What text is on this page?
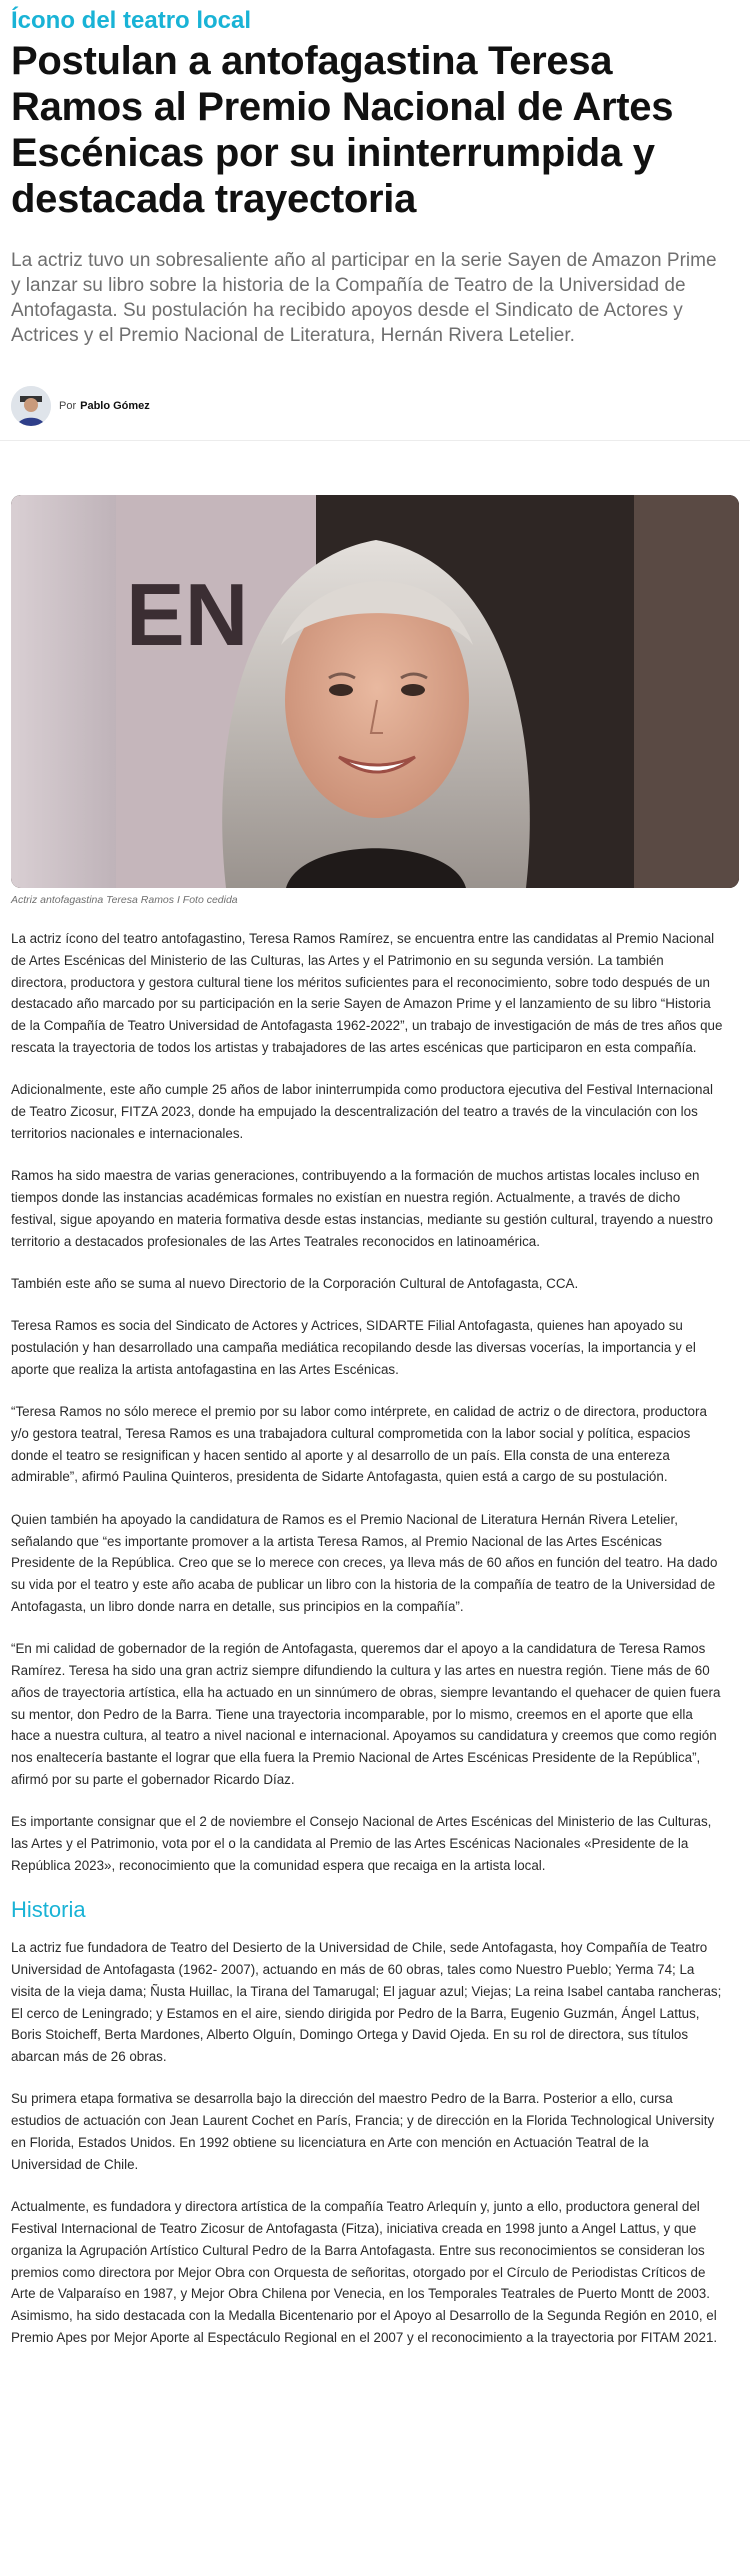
Ícono del teatro local
Postulan a antofagastina Teresa Ramos al Premio Nacional de Artes Escénicas por su ininterrumpida y destacada trayectoria

La actriz tuvo un sobresaliente año al participar en la serie Sayen de Amazon Prime y lanzar su libro sobre la historia de la Compañía de Teatro de la Universidad de Antofagasta. Su postulación ha recibido apoyos desde el Sindicato de Actores y Actrices y el Premio Nacional de Literatura, Hernán Rivera Letelier.

Por Pablo Gómez
EN
Actriz antofagastina Teresa Ramos I Foto cedida

La actriz ícono del teatro antofagastino, Teresa Ramos Ramírez, se encuentra entre las candidatas al Premio Nacional de Artes Escénicas del Ministerio de las Culturas, las Artes y el Patrimonio en su segunda versión. La también directora, productora y gestora cultural tiene los méritos suficientes para el reconocimiento, sobre todo después de un destacado año marcado por su participación en la serie Sayen de Amazon Prime y el lanzamiento de su libro “Historia de la Compañía de Teatro Universidad de Antofagasta 1962-2022”, un trabajo de investigación de más de tres años que rescata la trayectoria de todos los artistas y trabajadores de las artes escénicas que participaron en esta compañía.

Adicionalmente, este año cumple 25 años de labor ininterrumpida como productora ejecutiva del Festival Internacional de Teatro Zicosur, FITZA 2023, donde ha empujado la descentralización del teatro a través de la vinculación con los territorios nacionales e internacionales.

Ramos ha sido maestra de varias generaciones, contribuyendo a la formación de muchos artistas locales incluso en tiempos donde las instancias académicas formales no existían en nuestra región. Actualmente, a través de dicho festival, sigue apoyando en materia formativa desde estas instancias, mediante su gestión cultural, trayendo a nuestro territorio a destacados profesionales de las Artes Teatrales reconocidos en latinoamérica.

También este año se suma al nuevo Directorio de la Corporación Cultural de Antofagasta, CCA.

Teresa Ramos es socia del Sindicato de Actores y Actrices, SIDARTE Filial Antofagasta, quienes han apoyado su postulación y han desarrollado una campaña mediática recopilando desde las diversas vocerías, la importancia y el aporte que realiza la artista antofagastina en las Artes Escénicas.

“Teresa Ramos no sólo merece el premio por su labor como intérprete, en calidad de actriz o de directora, productora y/o gestora teatral, Teresa Ramos es una trabajadora cultural comprometida con la labor social y política, espacios donde el teatro se resignifican y hacen sentido al aporte y al desarrollo de un país. Ella consta de una entereza admirable”, afirmó Paulina Quinteros, presidenta de Sidarte Antofagasta, quien está a cargo de su postulación.

Quien también ha apoyado la candidatura de Ramos es el Premio Nacional de Literatura Hernán Rivera Letelier, señalando que “es importante promover a la artista Teresa Ramos, al Premio Nacional de las Artes Escénicas Presidente de la República. Creo que se lo merece con creces, ya lleva más de 60 años en función del teatro. Ha dado su vida por el teatro y este año acaba de publicar un libro con la historia de la compañía de teatro de la Universidad de Antofagasta, un libro donde narra en detalle, sus principios en la compañía”.

“En mi calidad de gobernador de la región de Antofagasta, queremos dar el apoyo a la candidatura de Teresa Ramos Ramírez. Teresa ha sido una gran actriz siempre difundiendo la cultura y las artes en nuestra región. Tiene más de 60 años de trayectoria artística, ella ha actuado en un sinnúmero de obras, siempre levantando el quehacer de quien fuera su mentor, don Pedro de la Barra. Tiene una trayectoria incomparable, por lo mismo, creemos en el aporte que ella hace a nuestra cultura, al teatro a nivel nacional e internacional. Apoyamos su candidatura y creemos que como región nos enaltecería bastante el lograr que ella fuera la Premio Nacional de Artes Escénicas Presidente de la República”, afirmó por su parte el gobernador Ricardo Díaz.

Es importante consignar que el 2 de noviembre el Consejo Nacional de Artes Escénicas del Ministerio de las Culturas, las Artes y el Patrimonio, vota por el o la candidata al Premio de las Artes Escénicas Nacionales «Presidente de la República 2023», reconocimiento que la comunidad espera que recaiga en la artista local.

Historia

La actriz fue fundadora de Teatro del Desierto de la Universidad de Chile, sede Antofagasta, hoy Compañía de Teatro Universidad de Antofagasta (1962- 2007), actuando en más de 60 obras, tales como Nuestro Pueblo; Yerma 74; La visita de la vieja dama; Ñusta Huillac, la Tirana del Tamarugal; El jaguar azul; Viejas; La reina Isabel cantaba rancheras; El cerco de Leningrado; y Estamos en el aire, siendo dirigida por Pedro de la Barra, Eugenio Guzmán, Ángel Lattus, Boris Stoicheff, Berta Mardones, Alberto Olguín, Domingo Ortega y David Ojeda. En su rol de directora, sus títulos abarcan más de 26 obras.

Su primera etapa formativa se desarrolla bajo la dirección del maestro Pedro de la Barra. Posterior a ello, cursa estudios de actuación con Jean Laurent Cochet en París, Francia; y de dirección en la Florida Technological University en Florida, Estados Unidos. En 1992 obtiene su licenciatura en Arte con mención en Actuación Teatral de la Universidad de Chile.

Actualmente, es fundadora y directora artística de la compañía Teatro Arlequín y, junto a ello, productora general del Festival Internacional de Teatro Zicosur de Antofagasta (Fitza), iniciativa creada en 1998 junto a Angel Lattus, y que organiza la Agrupación Artístico Cultural Pedro de la Barra Antofagasta. Entre sus reconocimientos se consideran los premios como directora por Mejor Obra con Orquesta de señoritas, otorgado por el Círculo de Periodistas Críticos de Arte de Valparaíso en 1987, y Mejor Obra Chilena por Venecia, en los Temporales Teatrales de Puerto Montt de 2003. Asimismo, ha sido destacada con la Medalla Bicentenario por el Apoyo al Desarrollo de la Segunda Región en 2010, el Premio Apes por Mejor Aporte al Espectáculo Regional en el 2007 y el reconocimiento a la trayectoria por FITAM 2021.
